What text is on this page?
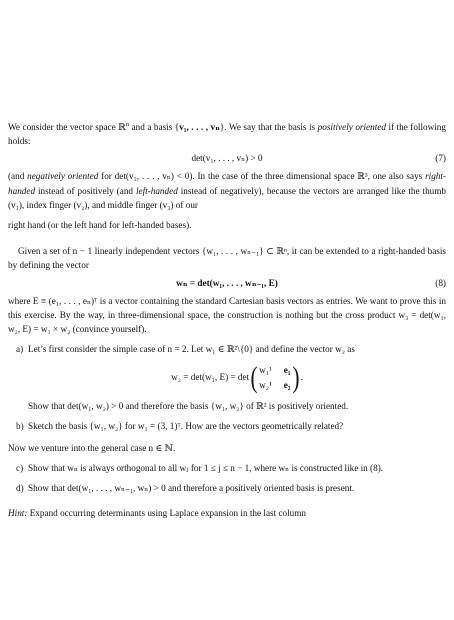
We consider the vector space ℝ$^n$ and a basis {v₁, . . . , vₙ}. We say that the basis is positively oriented if the following holds:

det(v₁, . . . , vₙ) > 0	(7)

(and negatively oriented for det(v₁, . . . , vₙ) < 0). In the case of the three dimensional space ℝ³, one also says right-handed instead of positively (and left-handed instead of negatively), because the vectors are arranged like the thumb (v₁), index finger (v₂), and middle finger (v₃) of our

right hand (or the left hand for left-handed bases).

Given a set of n − 1 linearly independent vectors {w₁, . . . , wₙ₋₁} ⊂ ℝⁿ, it can be extended to a right-handed basis by defining the vector

wₙ = det(w₁, . . . , wₙ₋₁, E)	(8)

where E ≡ (e₁, . . . , eₙ)ᵀ is a vector containing the standard Cartesian basis vectors as entries. We want to prove this in this exercise. By the way, in three-dimensional space, the construction is nothing but the cross product w₃ = det(w₁, w₂, E) = w₁ × w₂ (convince yourself).

a) Let’s first consider the simple case of n = 2. Let w₁ ∈ ℝ²\{0} and define the vector w₂ as

w₂ = det(w₁, E) = det ( w₁¹ e₁
w₂¹ e₂ ) .

Show that det(w₁, w₂) > 0 and therefore the basis {w₁, w₂} of ℝ² is positively oriented.

b) Sketch the basis {w₁, w₂} for w₁ = (3, 1)ᵀ. How are the vectors geometrically related?

Now we venture into the general case n ∈ ℕ.

c) Show that wₙ is always orthogonal to all wⱼ for 1 ≤ j ≤ n − 1, where wₙ is constructed like in (8).

d) Show that det(w₁, . . . , wₙ₋₁, wₙ) > 0 and therefore a positively oriented basis is present.

Hint: Expand occurring determinants using Laplace expansion in the last column
